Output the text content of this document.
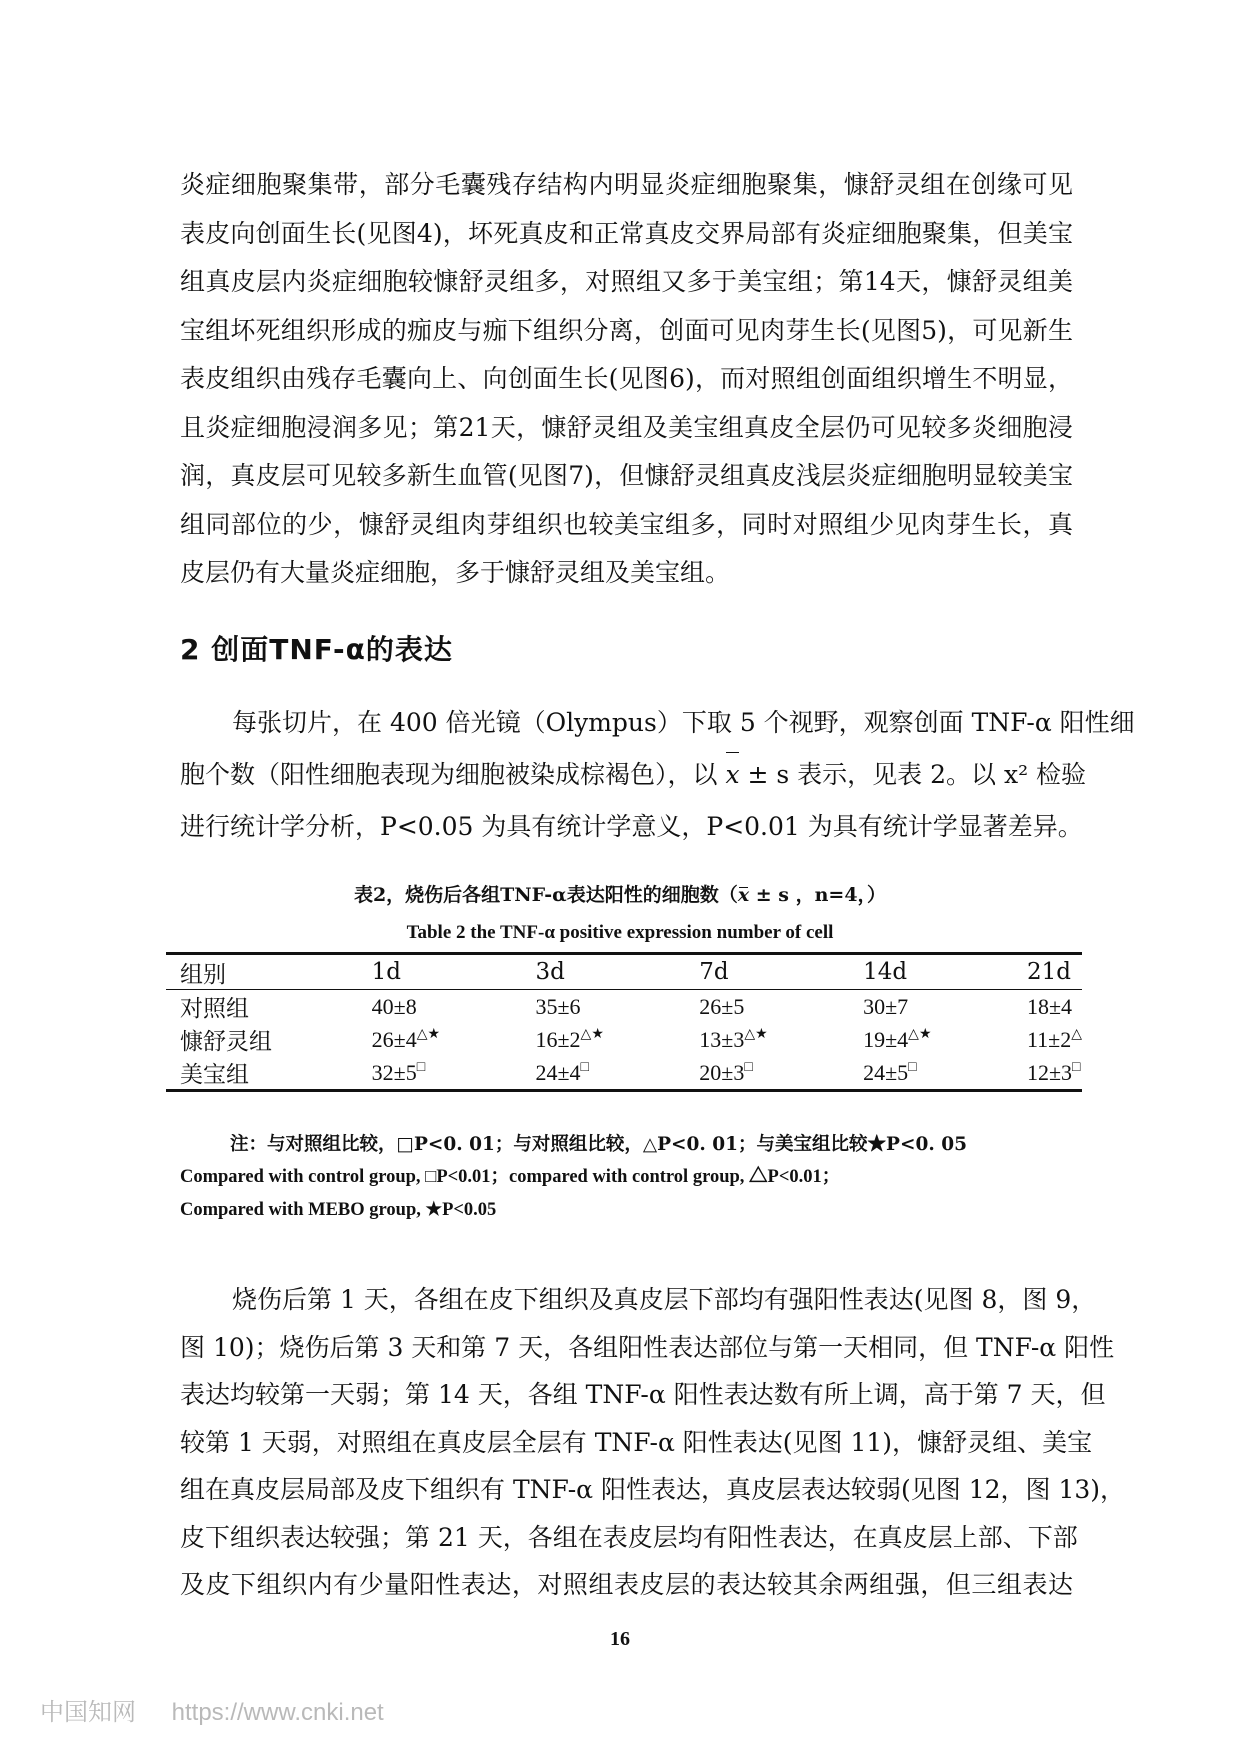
炎症细胞聚集带，部分毛囊残存结构内明显炎症细胞聚集，慷舒灵组在创缘可见
表皮向创面生长(见图4)，坏死真皮和正常真皮交界局部有炎症细胞聚集，但美宝
组真皮层内炎症细胞较慷舒灵组多，对照组又多于美宝组；第14天，慷舒灵组美
宝组坏死组织形成的痂皮与痂下组织分离，创面可见肉芽生长(见图5)，可见新生
表皮组织由残存毛囊向上、向创面生长(见图6)，而对照组创面组织增生不明显，
且炎症细胞浸润多见；第21天，慷舒灵组及美宝组真皮全层仍可见较多炎细胞浸
润，真皮层可见较多新生血管(见图7)，但慷舒灵组真皮浅层炎症细胞明显较美宝
组同部位的少，慷舒灵组肉芽组织也较美宝组多，同时对照组少见肉芽生长，真
皮层仍有大量炎症细胞，多于慷舒灵组及美宝组。
2 创面TNF-α的表达
每张切片，在 400 倍光镜（Olympus）下取 5 个视野，观察创面 TNF-α 阳性细
胞个数（阳性细胞表现为细胞被染成棕褐色），以 x ± s 表示，见表 2。以 x² 检验
进行统计学分析，P<0.05 为具有统计学意义，P<0.01 为具有统计学显著差异。
表2，烧伤后各组TNF-α表达阳性的细胞数（x ± s ，n=4，）
Table 2 the TNF-α positive expression number of cell
组别	1d	3d	7d	14d	21d
对照组	40±8	35±6	26±5	30±7	18±4
慷舒灵组	26±4△★	16±2△★	13±3△★	19±4△★	11±2△
美宝组	32±5□	24±4□	20±3□	24±5□	12±3□
注：与对照组比较，□P<0. 01；与对照组比较，△P<0. 01；与美宝组比较★P<0. 05
Compared with control group, □P<0.01；compared with control group, △P<0.01；
Compared with MEBO group, ★P<0.05
烧伤后第 1 天，各组在皮下组织及真皮层下部均有强阳性表达(见图 8，图 9，
图 10)；烧伤后第 3 天和第 7 天，各组阳性表达部位与第一天相同，但 TNF-α 阳性
表达均较第一天弱；第 14 天，各组 TNF-α 阳性表达数有所上调，高于第 7 天，但
较第 1 天弱，对照组在真皮层全层有 TNF-α 阳性表达(见图 11)，慷舒灵组、美宝
组在真皮层局部及皮下组织有 TNF-α 阳性表达，真皮层表达较弱(见图 12，图 13)，
皮下组织表达较强；第 21 天，各组在表皮层均有阳性表达，在真皮层上部、下部
及皮下组织内有少量阳性表达，对照组表皮层的表达较其余两组强，但三组表达
16
中国知网 https://www.cnki.net
